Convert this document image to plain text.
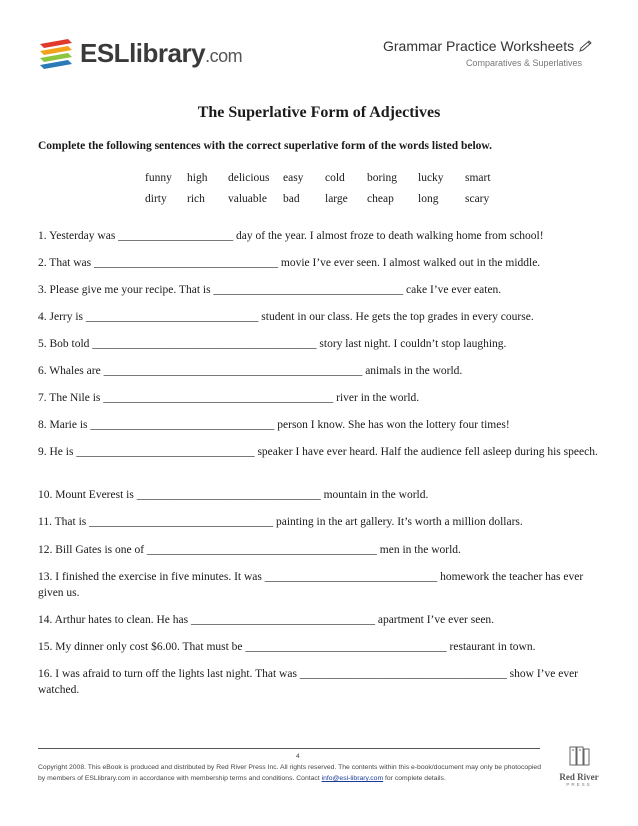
ESLlibrary.com	Grammar Practice Worksheets
Comparatives & Superlatives
The Superlative Form of Adjectives
Complete the following sentences with the correct superlative form of the words listed below.
funny high delicious easy cold boring lucky smart
dirty rich valuable bad large cheap long scary
1. Yesterday was ____________________ day of the year. I almost froze to death walking home from school!
2. That was ________________________________ movie I’ve ever seen. I almost walked out in the middle.
3. Please give me your recipe. That is _________________________________ cake I’ve ever eaten.
4. Jerry is ______________________________ student in our class. He gets the top grades in every course.
5. Bob told _______________________________________ story last night. I couldn’t stop laughing.
6. Whales are _____________________________________________ animals in the world.
7. The Nile is ________________________________________ river in the world.
8. Marie is ________________________________ person I know. She has won the lottery four times!
9. He is _______________________________ speaker I have ever heard. Half the audience fell asleep during his speech.
10. Mount Everest is ________________________________ mountain in the world.
11. That is ________________________________ painting in the art gallery. It’s worth a million dollars.
12. Bill Gates is one of ________________________________________ men in the world.
13. I finished the exercise in five minutes. It was ______________________________ homework the teacher has ever given us.
14. Arthur hates to clean. He has ________________________________ apartment I’ve ever seen.
15. My dinner only cost $6.00. That must be ___________________________________ restaurant in town.
16. I was afraid to turn off the lights last night. That was ____________________________________ show I’ve ever watched.
4
Copyright 2008. This eBook is produced and distributed by Red River Press Inc. All rights reserved. The contents within this e-book/document may only be photocopied by members of ESLlibrary.com in accordance with membership terms and conditions. Contact info@esl-library.com for complete details.	Red River
PRESS
